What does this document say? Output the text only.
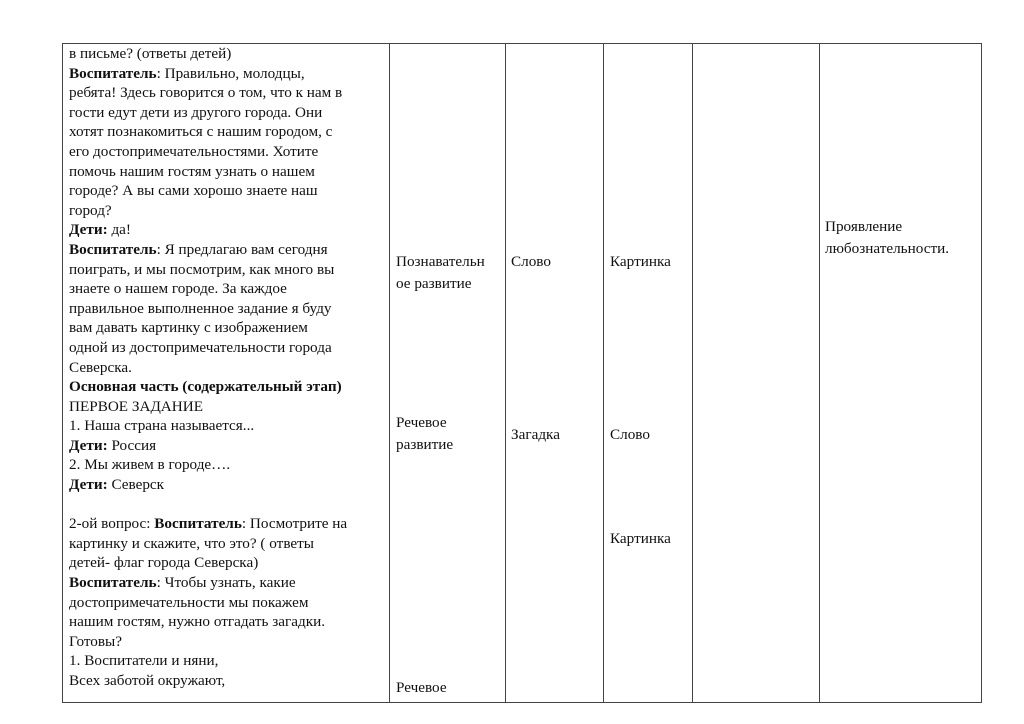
в письме? (ответы детей)
Воспитатель: Правильно, молодцы,
ребята! Здесь говорится о том, что к нам в
гости едут дети из другого города. Они
хотят познакомиться с нашим городом, с
его достопримечательностями. Хотите
помочь нашим гостям узнать о нашем
городе? А вы сами хорошо знаете наш
город?
Дети: да!
Воспитатель: Я предлагаю вам сегодня
поиграть, и мы посмотрим, как много вы
знаете о нашем городе. За каждое
правильное выполненное задание я буду
вам давать картинку с изображением
одной из достопримечательности города
Северска.
Основная часть (содержательный этап)
ПЕРВОЕ ЗАДАНИЕ
1. Наша страна называется...
Дети: Россия
2. Мы живем в городе….
Дети: Северск
2-ой вопрос: Воспитатель: Посмотрите на
картинку и скажите, что это? ( ответы
детей- флаг города Северска)
Воспитатель: Чтобы узнать, какие
достопримечательности мы покажем
нашим гостям, нужно отгадать загадки.
Готовы?
1. Воспитатели и няни,
Всех заботой окружают,
Познавательн
ое развитие
Речевое
развитие
Речевое
Слово
Загадка
Картинка
Слово
Картинка
Проявление
любознательности.
